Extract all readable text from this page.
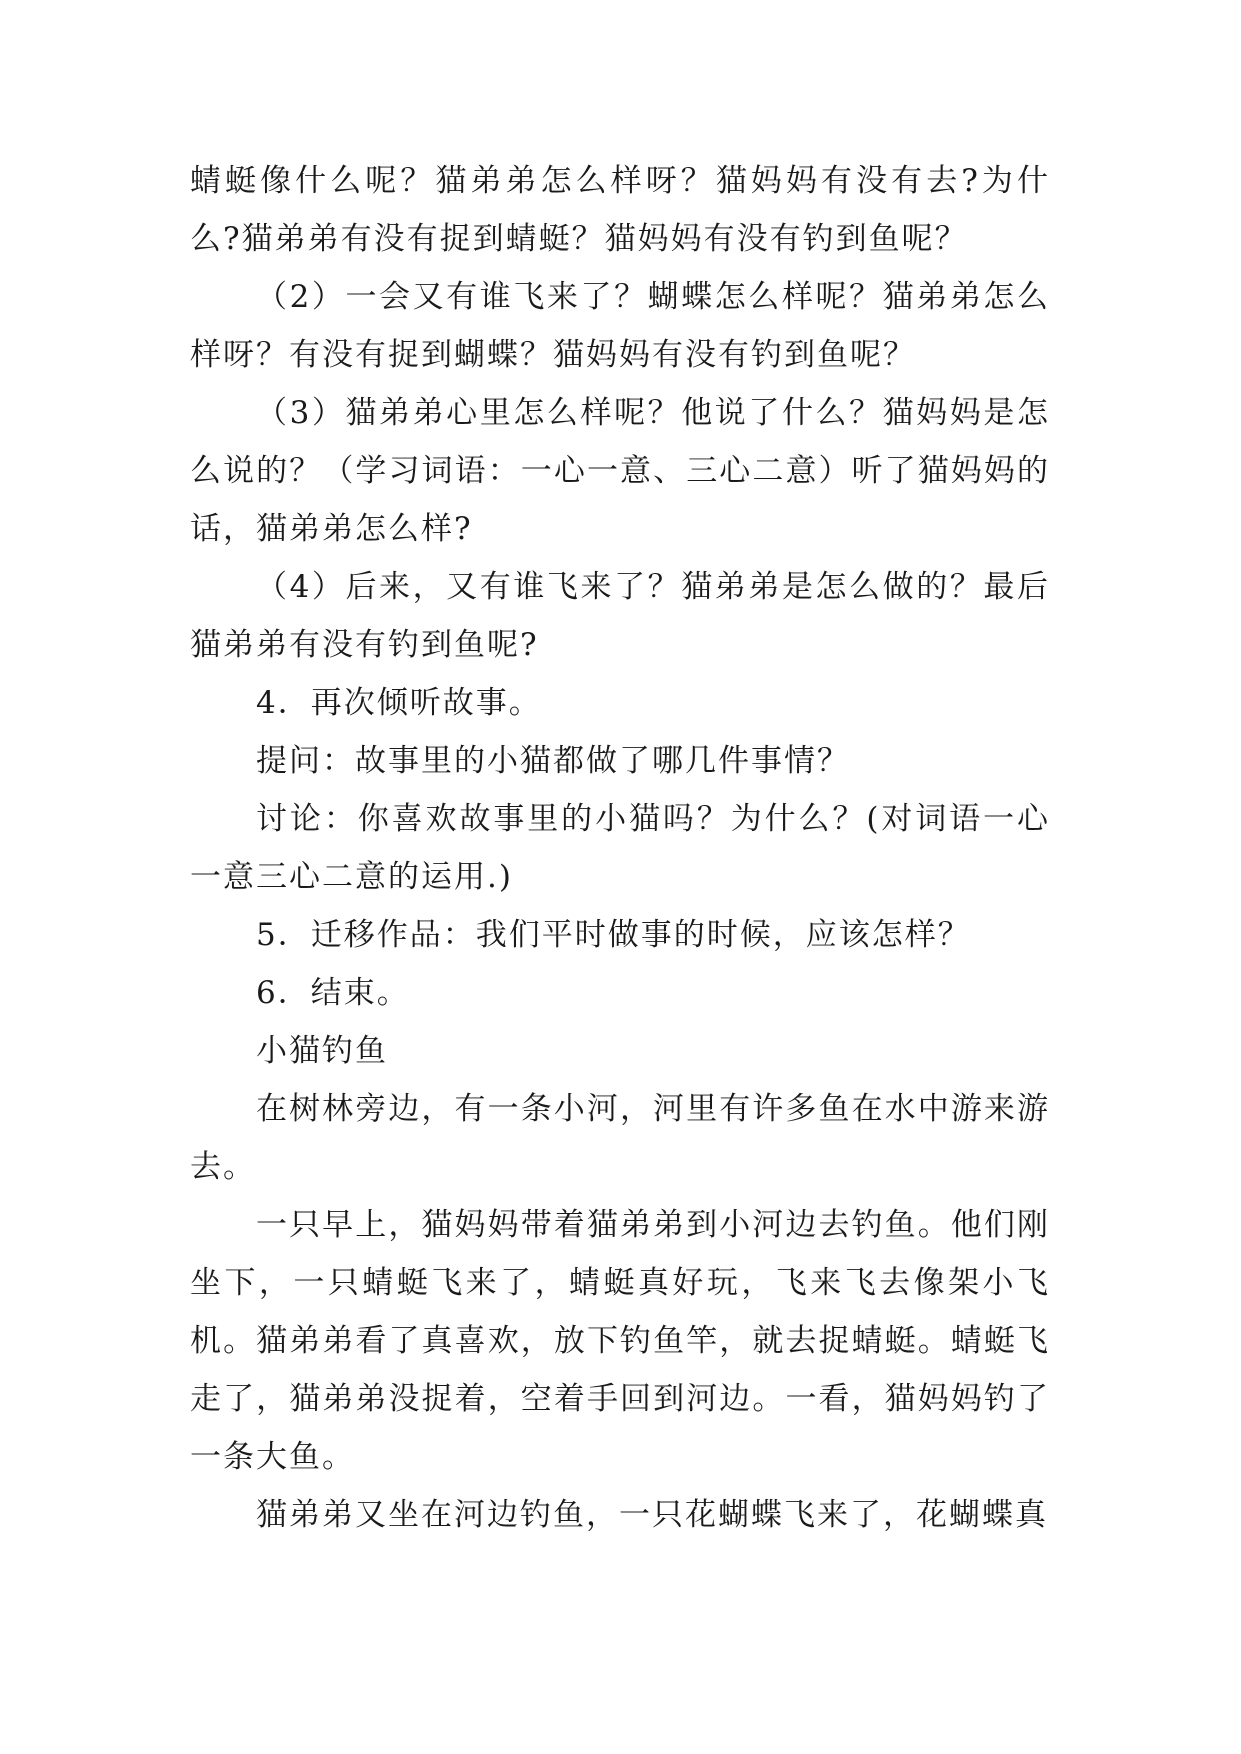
蜻蜓像什么呢？猫弟弟怎么样呀？猫妈妈有没有去?为什么?猫弟弟有没有捉到蜻蜓？猫妈妈有没有钓到鱼呢？

（2）一会又有谁飞来了？蝴蝶怎么样呢？猫弟弟怎么样呀？有没有捉到蝴蝶？猫妈妈有没有钓到鱼呢？

（3）猫弟弟心里怎么样呢？他说了什么？猫妈妈是怎么说的？（学习词语：一心一意、三心二意）听了猫妈妈的话，猫弟弟怎么样?

（4）后来，又有谁飞来了？猫弟弟是怎么做的？最后猫弟弟有没有钓到鱼呢?

4．再次倾听故事。

提问：故事里的小猫都做了哪几件事情？

讨论：你喜欢故事里的小猫吗？为什么？(对词语一心一意三心二意的运用.)

5．迁移作品：我们平时做事的时候，应该怎样？

6．结束。

小猫钓鱼

在树林旁边，有一条小河，河里有许多鱼在水中游来游去。

一只早上，猫妈妈带着猫弟弟到小河边去钓鱼。他们刚坐下，一只蜻蜓飞来了，蜻蜓真好玩，飞来飞去像架小飞机。猫弟弟看了真喜欢，放下钓鱼竿，就去捉蜻蜓。蜻蜓飞走了，猫弟弟没捉着，空着手回到河边。一看，猫妈妈钓了一条大鱼。

猫弟弟又坐在河边钓鱼，一只花蝴蝶飞来了，花蝴蝶真
